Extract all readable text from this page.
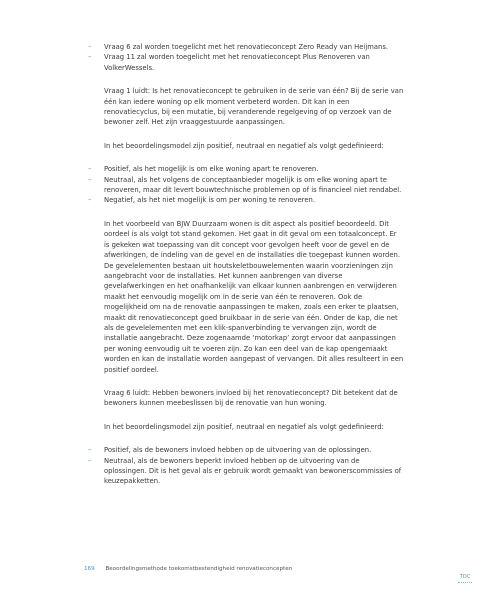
– Vraag 6 zal worden toegelicht met het renovatieconcept Zero Ready van Heijmans.
– Vraag 11 zal worden toegelicht met het renovatieconcept Plus Renoveren van VolkerWessels.

Vraag 1 luidt: Is het renovatieconcept te gebruiken in de serie van één? Bij de serie van één kan iedere woning op elk moment verbeterd worden. Dit kan in een renovatiecyclus, bij een mutatie, bij veranderende regelgeving of op verzoek van de bewoner zelf. Het zijn vraaggestuurde aanpassingen.

In het beoordelingsmodel zijn positief, neutraal en negatief als volgt gedefinieerd:

– Positief, als het mogelijk is om elke woning apart te renoveren.
– Neutraal, als het volgens de conceptaanbieder mogelijk is om elke woning apart te renoveren, maar dit levert bouwtechnische problemen op of is financieel niet rendabel.
– Negatief, als het niet mogelijk is om per woning te renoveren.

In het voorbeeld van BJW Duurzaam wonen is dit aspect als positief beoordeeld. Dit oordeel is als volgt tot stand gekomen. Het gaat in dit geval om een totaalconcept. Er is gekeken wat toepassing van dit concept voor gevolgen heeft voor de gevel en de afwerkingen, de indeling van de gevel en de installaties die toegepast kunnen worden. De gevelelementen bestaan uit houtskeletbouwelementen waarin voorzieningen zijn aangebracht voor de installaties. Het kunnen aanbrengen van diverse gevelafwerkingen en het onafhankelijk van elkaar kunnen aanbrengen en verwijderen maakt het eenvoudig mogelijk om in de serie van één te renoveren. Ook de mogelijkheid om na de renovatie aanpassingen te maken, zoals een erker te plaatsen, maakt dit renovatieconcept goed bruikbaar in de serie van één. Onder de kap, die net als de gevelelementen met een klik-spanverbinding te vervangen zijn, wordt de installatie aangebracht. Deze zogenaamde ‘motorkap’ zorgt ervoor dat aanpassingen per woning eenvoudig uit te voeren zijn. Zo kan een deel van de kap opengemaakt worden en kan de installatie worden aangepast of vervangen. Dit alles resulteert in een positief oordeel.

Vraag 6 luidt: Hebben bewoners invloed bij het renovatieconcept? Dit betekent dat de bewoners kunnen meebeslissen bij de renovatie van hun woning.

In het beoordelingsmodel zijn positief, neutraal en negatief als volgt gedefinieerd:

– Positief, als de bewoners invloed hebben op de uitvoering van de oplossingen.
– Neutraal, als de bewoners beperkt invloed hebben op de uitvoering van de oplossingen. Dit is het geval als er gebruik wordt gemaakt van bewonerscommissies of keuzepakketten.
169 Beoordelingsmethode toekomstbestendigheid renovatieconcepten
TOC
